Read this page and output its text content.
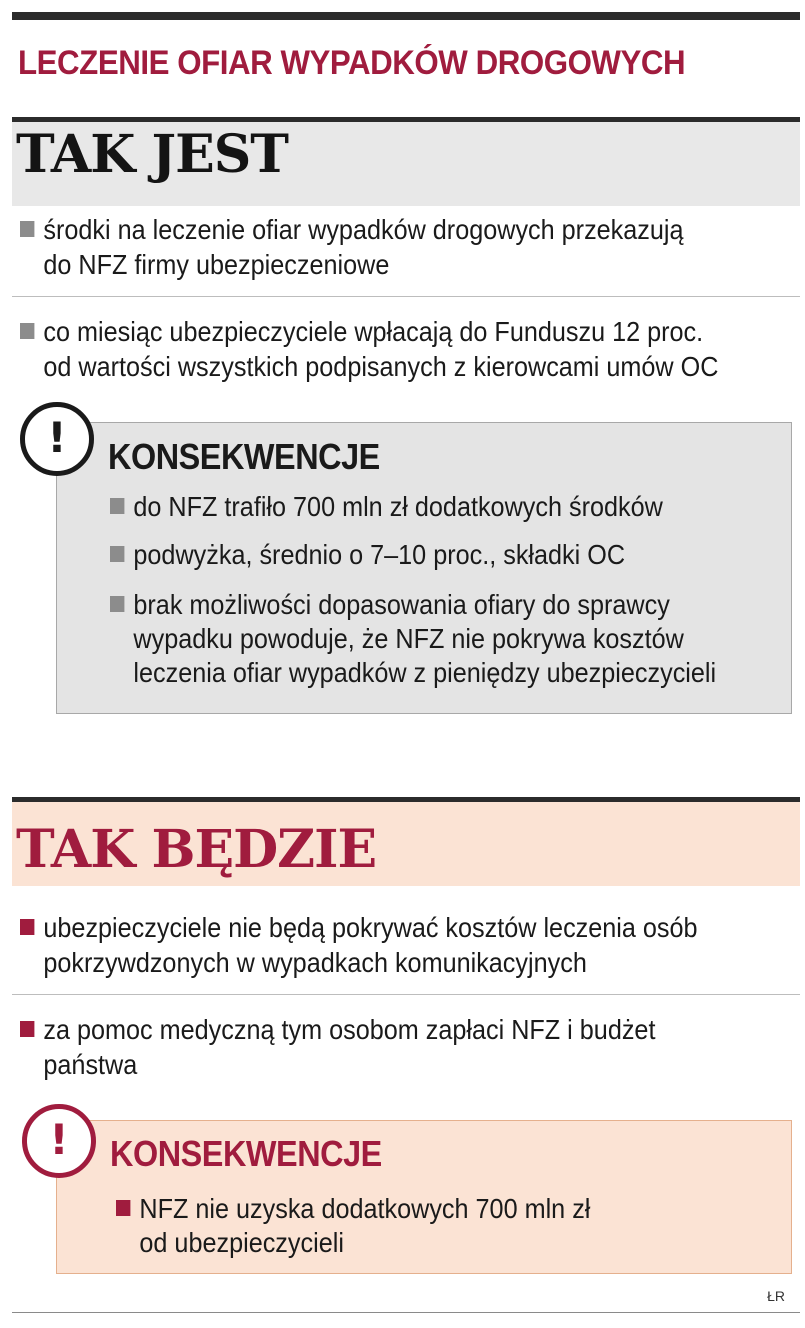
LECZENIE OFIAR WYPADKÓW DROGOWYCH
TAK JEST
środki na leczenie ofiar wypadków drogowych przekazują
do NFZ firmy ubezpieczeniowe
co miesiąc ubezpieczyciele wpłacają do Funduszu 12 proc.
od wartości wszystkich podpisanych z kierowcami umów OC
!	KONSEKWENCJE
do NFZ trafiło 700 mln zł dodatkowych środków
podwyżka, średnio o 7–10 proc., składki OC
brak możliwości dopasowania ofiary do sprawcy
wypadku powoduje, że NFZ nie pokrywa kosztów
leczenia ofiar wypadków z pieniędzy ubezpieczycieli
TAK BĘDZIE
ubezpieczyciele nie będą pokrywać kosztów leczenia osób
pokrzywdzonych w wypadkach komunikacyjnych
za pomoc medyczną tym osobom zapłaci NFZ i budżet
państwa
!	KONSEKWENCJE
NFZ nie uzyska dodatkowych 700 mln zł
od ubezpieczycieli
ŁR
